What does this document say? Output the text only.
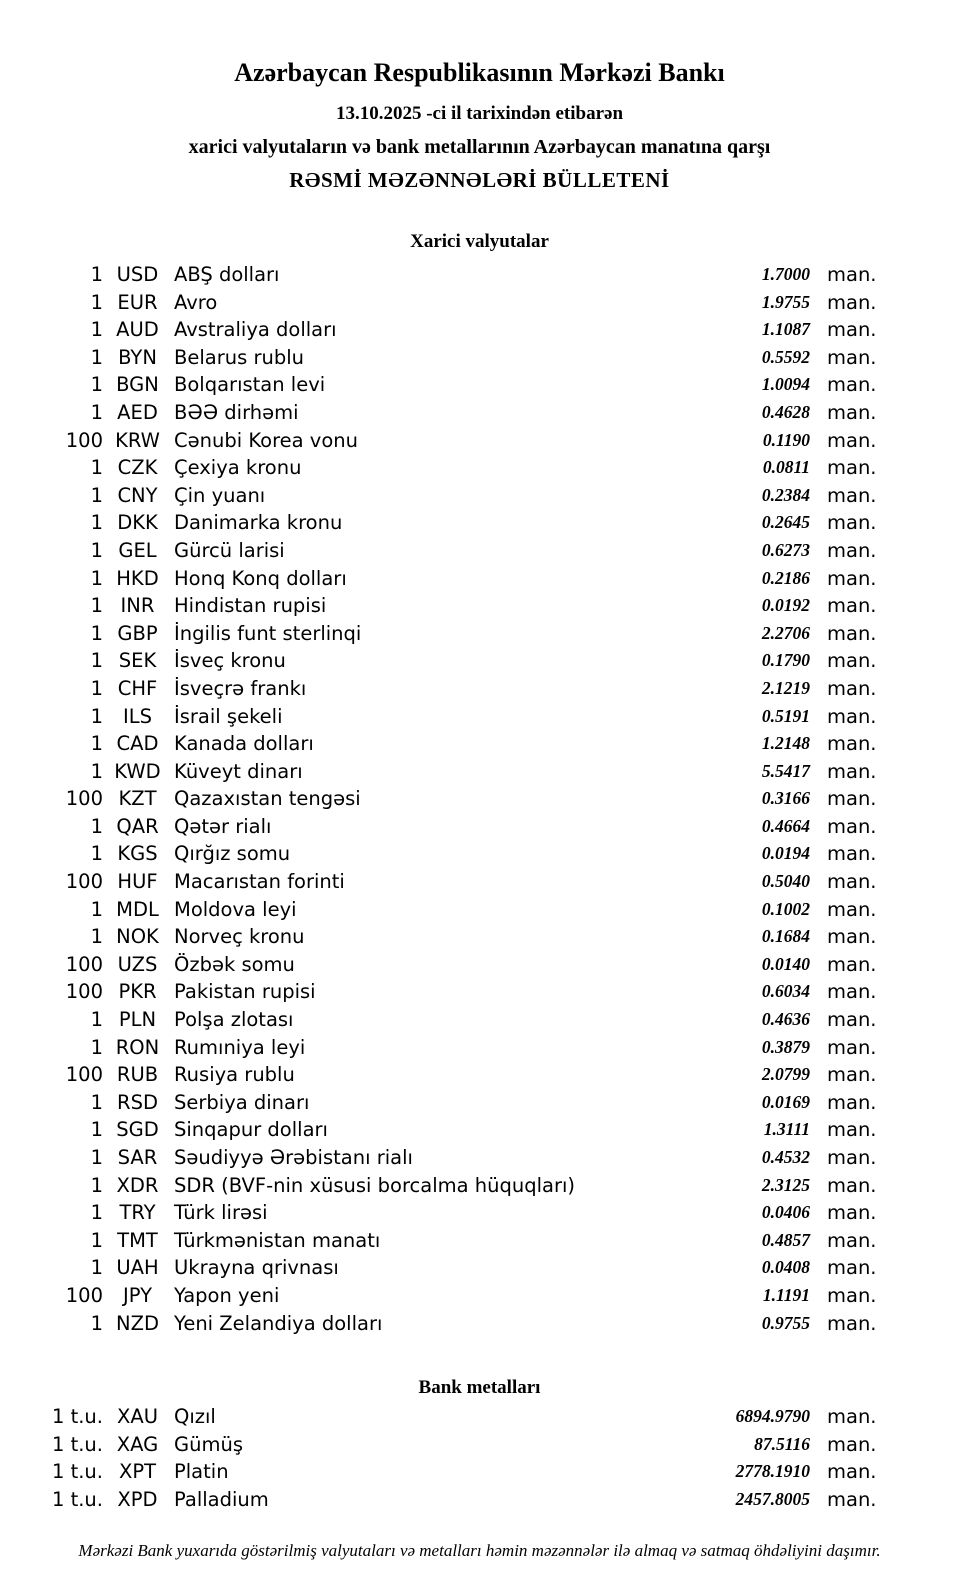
Azərbaycan Respublikasının Mərkəzi Bankı
13.10.2025 -ci il tarixindən etibarən
xarici valyutaların və bank metallarının Azərbaycan manatına qarşı
RƏSMİ MƏZƏNNƏLƏRİ BÜLLETENİ
Xarici valyutalar
1 USD ABŞ dolları	1.7000 man.
1 EUR Avro	1.9755 man.
1 AUD Avstraliya dolları	1.1087 man.
1 BYN Belarus rublu	0.5592 man.
1 BGN Bolqarıstan levi	1.0094 man.
1 AED BƏƏ dirhəmi	0.4628 man.
100 KRW Cənubi Korea vonu	0.1190 man.
1 CZK Çexiya kronu	0.0811 man.
1 CNY Çin yuanı	0.2384 man.
1 DKK Danimarka kronu	0.2645 man.
1 GEL Gürcü larisi	0.6273 man.
1 HKD Honq Konq dolları	0.2186 man.
1 INR	Hindistan rupisi	0.0192 man.
1 GBP İngilis funt sterlinqi	2.2706 man.
1 SEK İsveç kronu	0.1790 man.
1 CHF İsveçrə frankı	2.1219 man.
1	ILS	İsrail şekeli	0.5191 man.
1 CAD Kanada dolları	1.2148 man.
1 KWD Küveyt dinarı	5.5417 man.
100 KZT Qazaxıstan tengəsi	0.3166 man.
1 QAR Qətər rialı	0.4664 man.
1 KGS Qırğız somu	0.0194 man.
100 HUF Macarıstan forinti	0.5040 man.
1 MDL Moldova leyi	0.1002 man.
1 NOK Norveç kronu	0.1684 man.
100 UZS Özbək somu	0.0140 man.
100 PKR Pakistan rupisi	0.6034 man.
1 PLN Polşa zlotası	0.4636 man.
1 RON Rumıniya leyi	0.3879 man.
100 RUB Rusiya rublu	2.0799 man.
1 RSD Serbiya dinarı	0.0169 man.
1 SGD Sinqapur dolları	1.3111 man.
1 SAR Səudiyyə Ərəbistanı rialı	0.4532 man.
1 XDR SDR (BVF-nin xüsusi borcalma hüquqları)	2.3125 man.
1 TRY Türk lirəsi	0.0406 man.
1 TMT Türkmənistan manatı	0.4857 man.
1 UAH Ukrayna qrivnası	0.0408 man.
100	JPY	Yapon yeni	1.1191 man.
1 NZD Yeni Zelandiya dolları	0.9755 man.
Bank metalları
1 t.u. XAU Qızıl	6894.9790 man.
1 t.u. XAG Gümüş	87.5116 man.
1 t.u. XPT Platin	2778.1910 man.
1 t.u. XPD Palladium	2457.8005 man.
Mərkəzi Bank yuxarıda göstərilmiş valyutaları və metalları həmin məzənnələr ilə almaq və satmaq öhdəliyini daşımır.
